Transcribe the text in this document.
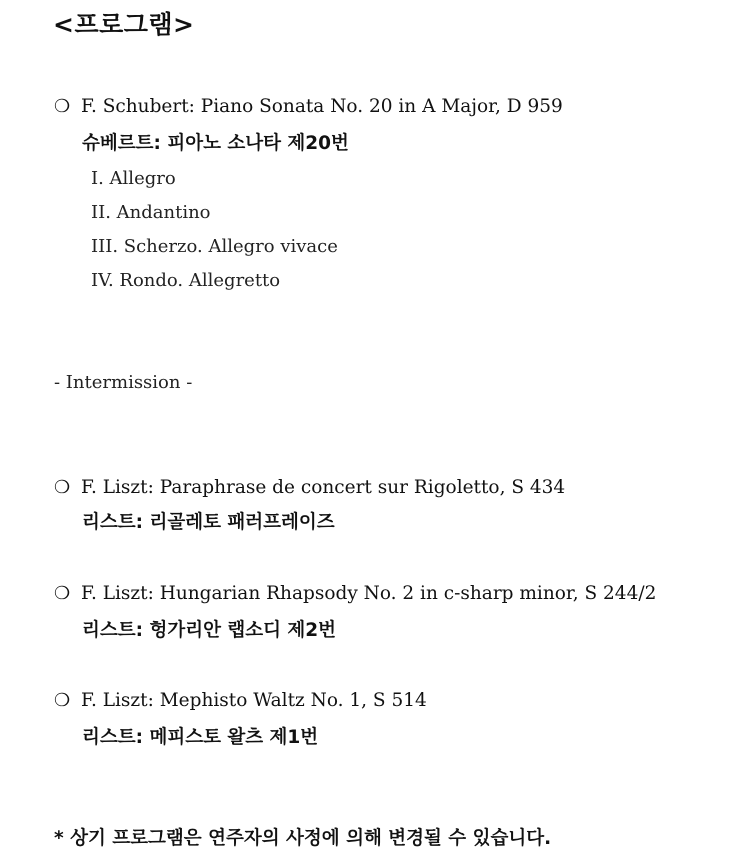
<프로그램>
❍ F. Schubert: Piano Sonata No. 20 in A Major, D 959
슈베르트: 피아노 소나타 제20번
I. Allegro
II. Andantino
III. Scherzo. Allegro vivace
IV. Rondo. Allegretto
- Intermission -
❍ F. Liszt: Paraphrase de concert sur Rigoletto, S 434
리스트: 리골레토 패러프레이즈
❍ F. Liszt: Hungarian Rhapsody No. 2 in c-sharp minor, S 244/2
리스트: 헝가리안 랩소디 제2번
❍ F. Liszt: Mephisto Waltz No. 1, S 514
리스트: 메피스토 왈츠 제1번
* 상기 프로그램은 연주자의 사정에 의해 변경될 수 있습니다.
